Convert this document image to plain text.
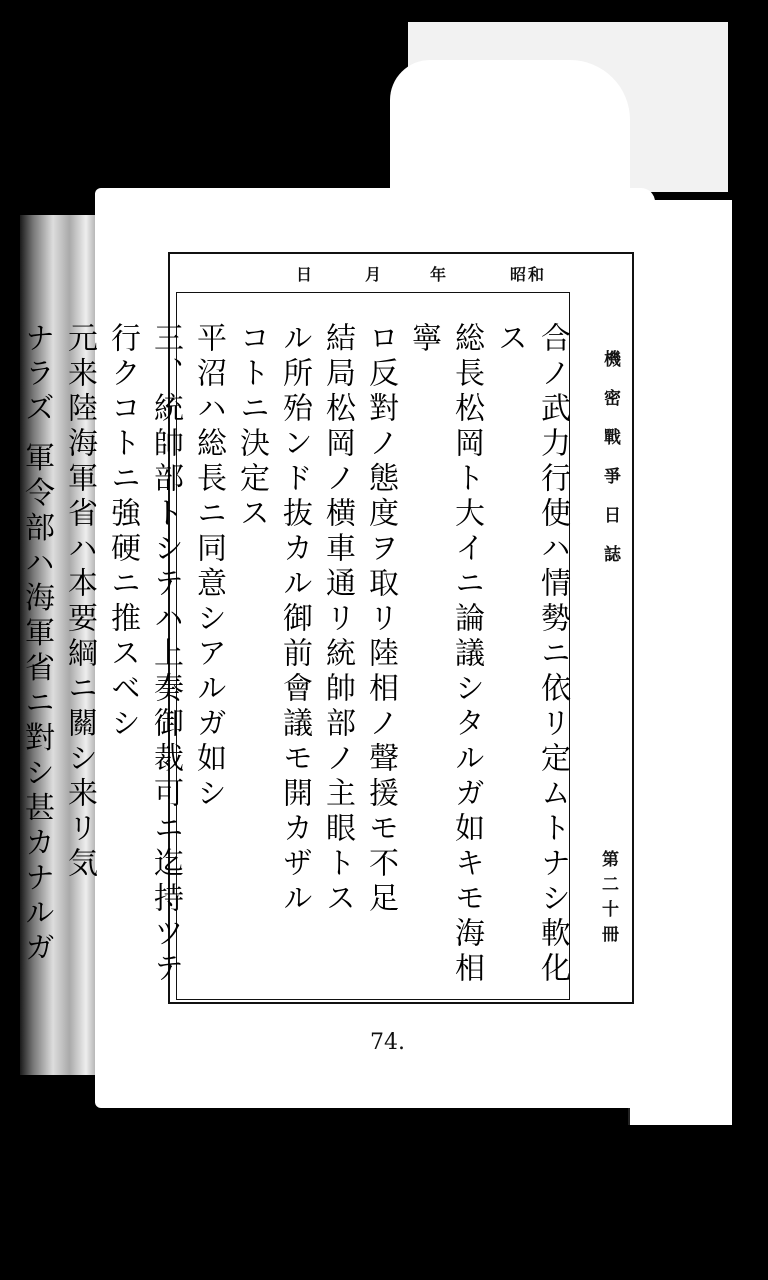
昭和
年
月
日
機密戰爭日誌
第二十冊
合ノ武力行使ハ情勢ニ依リ定ムトナシ軟化ス
総長松岡ト大イニ論議シタルガ如キモ海相寧
ロ反對ノ態度ヲ取リ陸相ノ聲援モ不足
結局松岡ノ横車通リ統帥部ノ主眼トス
ル所殆ンド抜カル御前會議モ開カザル
コトニ決定ス
平沼ハ総長ニ同意シアルガ如シ
三、統帥部トシテハ上奏御裁可ニ迄持ツテ
行クコトニ強硬ニ推スベシ
元来陸海軍省ハ本要綱ニ關シ来リ気
ナラズ 軍令部ハ海軍省ニ對シ甚カナルガ
74.
